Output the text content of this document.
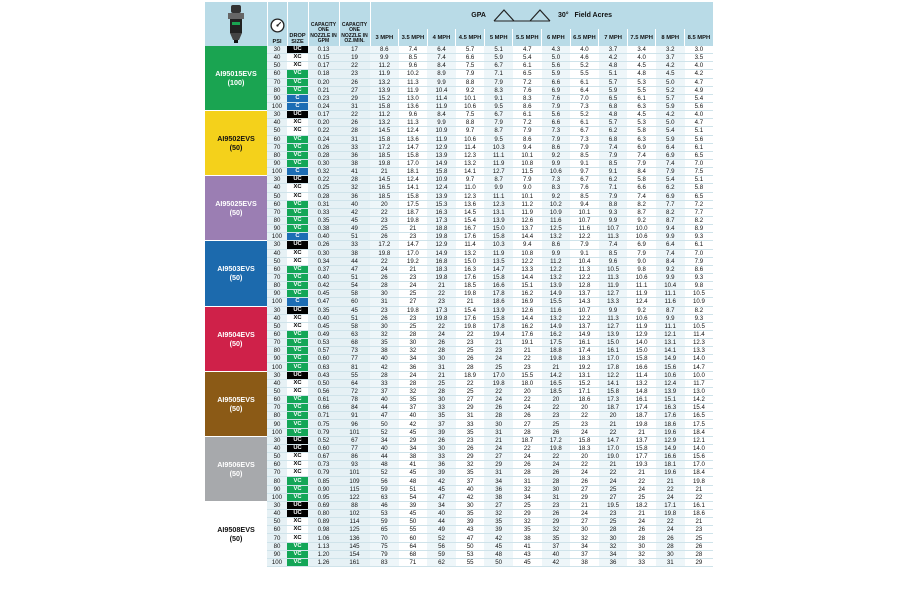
PSI	DROP SIZE	CAPACITY ONE NOZZLE IN GPM	CAPACITY ONE NOZZLE IN OZ./MIN.	GPA 30° Field Acres											

					3 MPH	3.5 MPH	4 MPH	4.5 MPH	5 MPH	5.5 MPH	6 MPH	6.5 MPH	7 MPH	7.5 MPH	8 MPH	8.5 MPH

AI95015EVS
(100)	30	UC	0.13	17	8.6	7.4	6.4	5.7	5.1	4.7	4.3	4.0	3.7	3.4	3.2	3.0
	40	XC	0.15	19	9.9	8.5	7.4	6.6	5.9	5.4	5.0	4.6	4.2	4.0	3.7	3.5
	50	XC	0.17	22	11.2	9.6	8.4	7.5	6.7	6.1	5.6	5.2	4.8	4.5	4.2	4.0
	60	VC	0.18	23	11.9	10.2	8.9	7.9	7.1	6.5	5.9	5.5	5.1	4.8	4.5	4.2
	70	VC	0.20	26	13.2	11.3	9.9	8.8	7.9	7.2	6.6	6.1	5.7	5.3	5.0	4.7
	80	VC	0.21	27	13.9	11.9	10.4	9.2	8.3	7.6	6.9	6.4	5.9	5.5	5.2	4.9
	90	C	0.23	29	15.2	13.0	11.4	10.1	9.1	8.3	7.6	7.0	6.5	6.1	5.7	5.4
	100	C	0.24	31	15.8	13.6	11.9	10.6	9.5	8.6	7.9	7.3	6.8	6.3	5.9	5.6

AI9502EVS
(50)	30	UC	0.17	22	11.2	9.6	8.4	7.5	6.7	6.1	5.6	5.2	4.8	4.5	4.2	4.0
	40	XC	0.20	26	13.2	11.3	9.9	8.8	7.9	7.2	6.6	6.1	5.7	5.3	5.0	4.7
	50	XC	0.22	28	14.5	12.4	10.9	9.7	8.7	7.9	7.3	6.7	6.2	5.8	5.4	5.1
	60	VC	0.24	31	15.8	13.6	11.9	10.6	9.5	8.6	7.9	7.3	6.8	6.3	5.9	5.6
	70	VC	0.26	33	17.2	14.7	12.9	11.4	10.3	9.4	8.6	7.9	7.4	6.9	6.4	6.1
	80	VC	0.28	36	18.5	15.8	13.9	12.3	11.1	10.1	9.2	8.5	7.9	7.4	6.9	6.5
	90	VC	0.30	38	19.8	17.0	14.9	13.2	11.9	10.8	9.9	9.1	8.5	7.9	7.4	7.0
	100	C	0.32	41	21	18.1	15.8	14.1	12.7	11.5	10.6	9.7	9.1	8.4	7.9	7.5

AI95025EVS
(50)	30	UC	0.22	28	14.5	12.4	10.9	9.7	8.7	7.9	7.3	6.7	6.2	5.8	5.4	5.1
	40	XC	0.25	32	16.5	14.1	12.4	11.0	9.9	9.0	8.3	7.6	7.1	6.6	6.2	5.8
	50	XC	0.28	36	18.5	15.8	13.9	12.3	11.1	10.1	9.2	8.5	7.9	7.4	6.9	6.5
	60	VC	0.31	40	20	17.5	15.3	13.6	12.3	11.2	10.2	9.4	8.8	8.2	7.7	7.2
	70	VC	0.33	42	22	18.7	16.3	14.5	13.1	11.9	10.9	10.1	9.3	8.7	8.2	7.7
	80	VC	0.35	45	23	19.8	17.3	15.4	13.9	12.6	11.6	10.7	9.9	9.2	8.7	8.2
	90	VC	0.38	49	25	21	18.8	16.7	15.0	13.7	12.5	11.6	10.7	10.0	9.4	8.9
	100	C	0.40	51	26	23	19.8	17.6	15.8	14.4	13.2	12.2	11.3	10.6	9.9	9.3

AI9503EVS
(50)	30	UC	0.26	33	17.2	14.7	12.9	11.4	10.3	9.4	8.6	7.9	7.4	6.9	6.4	6.1
	40	XC	0.30	38	19.8	17.0	14.9	13.2	11.9	10.8	9.9	9.1	8.5	7.9	7.4	7.0
	50	XC	0.34	44	22	19.2	16.8	15.0	13.5	12.2	11.2	10.4	9.6	9.0	8.4	7.9
	60	VC	0.37	47	24	21	18.3	16.3	14.7	13.3	12.2	11.3	10.5	9.8	9.2	8.6
	70	VC	0.40	51	26	23	19.8	17.6	15.8	14.4	13.2	12.2	11.3	10.6	9.9	9.3
	80	VC	0.42	54	28	24	21	18.5	16.6	15.1	13.9	12.8	11.9	11.1	10.4	9.8
	90	VC	0.45	58	30	25	22	19.8	17.8	16.2	14.9	13.7	12.7	11.9	11.1	10.5
	100	C	0.47	60	31	27	23	21	18.6	16.9	15.5	14.3	13.3	12.4	11.6	10.9

AI9504EVS
(50)	30	UC	0.35	45	23	19.8	17.3	15.4	13.9	12.6	11.6	10.7	9.9	9.2	8.7	8.2
	40	XC	0.40	51	26	23	19.8	17.6	15.8	14.4	13.2	12.2	11.3	10.6	9.9	9.3
	50	XC	0.45	58	30	25	22	19.8	17.8	16.2	14.9	13.7	12.7	11.9	11.1	10.5
	60	VC	0.49	63	32	28	24	22	19.4	17.6	16.2	14.9	13.9	12.9	12.1	11.4
	70	VC	0.53	68	35	30	26	23	21	19.1	17.5	16.1	15.0	14.0	13.1	12.3
	80	VC	0.57	73	38	32	28	25	23	21	18.8	17.4	16.1	15.0	14.1	13.3
	90	VC	0.60	77	40	34	30	26	24	22	19.8	18.3	17.0	15.8	14.9	14.0
	100	VC	0.63	81	42	36	31	28	25	23	21	19.2	17.8	16.6	15.6	14.7

AI9505EVS
(50)	30	UC	0.43	55	28	24	21	18.9	17.0	15.5	14.2	13.1	12.2	11.4	10.6	10.0
	40	XC	0.50	64	33	28	25	22	19.8	18.0	16.5	15.2	14.1	13.2	12.4	11.7
	50	XC	0.56	72	37	32	28	25	22	20	18.5	17.1	15.8	14.8	13.9	13.0
	60	VC	0.61	78	40	35	30	27	24	22	20	18.6	17.3	16.1	15.1	14.2
	70	VC	0.66	84	44	37	33	29	26	24	22	20	18.7	17.4	16.3	15.4
	80	VC	0.71	91	47	40	35	31	28	26	23	22	20	18.7	17.6	16.5
	90	VC	0.75	96	50	42	37	33	30	27	25	23	21	19.8	18.6	17.5
	100	VC	0.79	101	52	45	39	35	31	28	26	24	22	21	19.6	18.4

AI9506EVS
(50)	30	UC	0.52	67	34	29	26	23	21	18.7	17.2	15.8	14.7	13.7	12.9	12.1
	40	UC	0.60	77	40	34	30	26	24	22	19.8	18.3	17.0	15.8	14.9	14.0
	50	XC	0.67	86	44	38	33	29	27	24	22	20	19.0	17.7	16.6	15.6
	60	XC	0.73	93	48	41	36	32	29	26	24	22	21	19.3	18.1	17.0
	70	XC	0.79	101	52	45	39	35	31	28	26	24	22	21	19.6	18.4
	80	VC	0.85	109	56	48	42	37	34	31	28	26	24	22	21	19.8
	90	VC	0.90	115	59	51	45	40	36	32	30	27	25	24	22	21
	100	VC	0.95	122	63	54	47	42	38	34	31	29	27	25	24	22

AI9508EVS
(50)	30	UC	0.69	88	46	39	34	30	27	25	23	21	19.5	18.2	17.1	16.1
	40	UC	0.80	102	53	45	40	35	32	29	26	24	23	21	19.8	18.6
	50	XC	0.89	114	59	50	44	39	35	32	29	27	25	24	22	21
	60	XC	0.98	125	65	55	49	43	39	35	32	30	28	26	24	23
	70	XC	1.06	136	70	60	52	47	42	38	35	32	30	28	26	25
	80	VC	1.13	145	75	64	56	50	45	41	37	34	32	30	28	26
	90	VC	1.20	154	79	68	59	53	48	43	40	37	34	32	30	28
	100	VC	1.26	161	83	71	62	55	50	45	42	38	36	33	31	29
